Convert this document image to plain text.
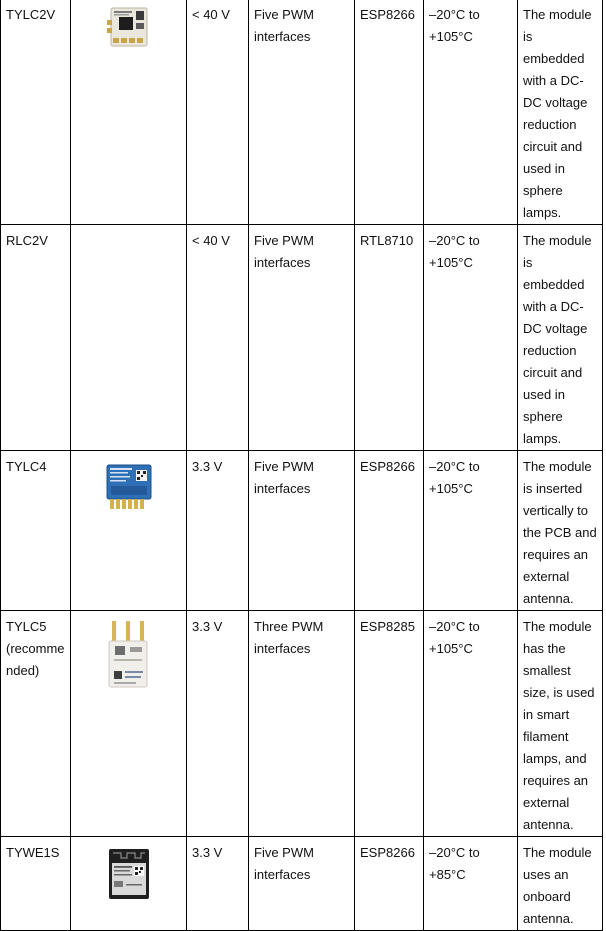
TYLC2V		< 40 V	Five PWM interfaces	ESP8266	–20°C to +105°C	The module is embedded with a DC-DC voltage reduction circuit and used in sphere lamps.
RLC2V		< 40 V	Five PWM interfaces	RTL8710	–20°C to +105°C	The module is embedded with a DC-DC voltage reduction circuit and used in sphere lamps.
TYLC4		3.3 V	Five PWM interfaces	ESP8266	–20°C to +105°C	The module is inserted vertically to the PCB and requires an external antenna.
TYLC5 (recommended)		3.3 V	Three PWM interfaces	ESP8285	–20°C to +105°C	The module has the smallest size, is used in smart filament lamps, and requires an external antenna.
TYWE1S		3.3 V	Five PWM interfaces	ESP8266	–20°C to +85°C	The module uses an onboard antenna.
